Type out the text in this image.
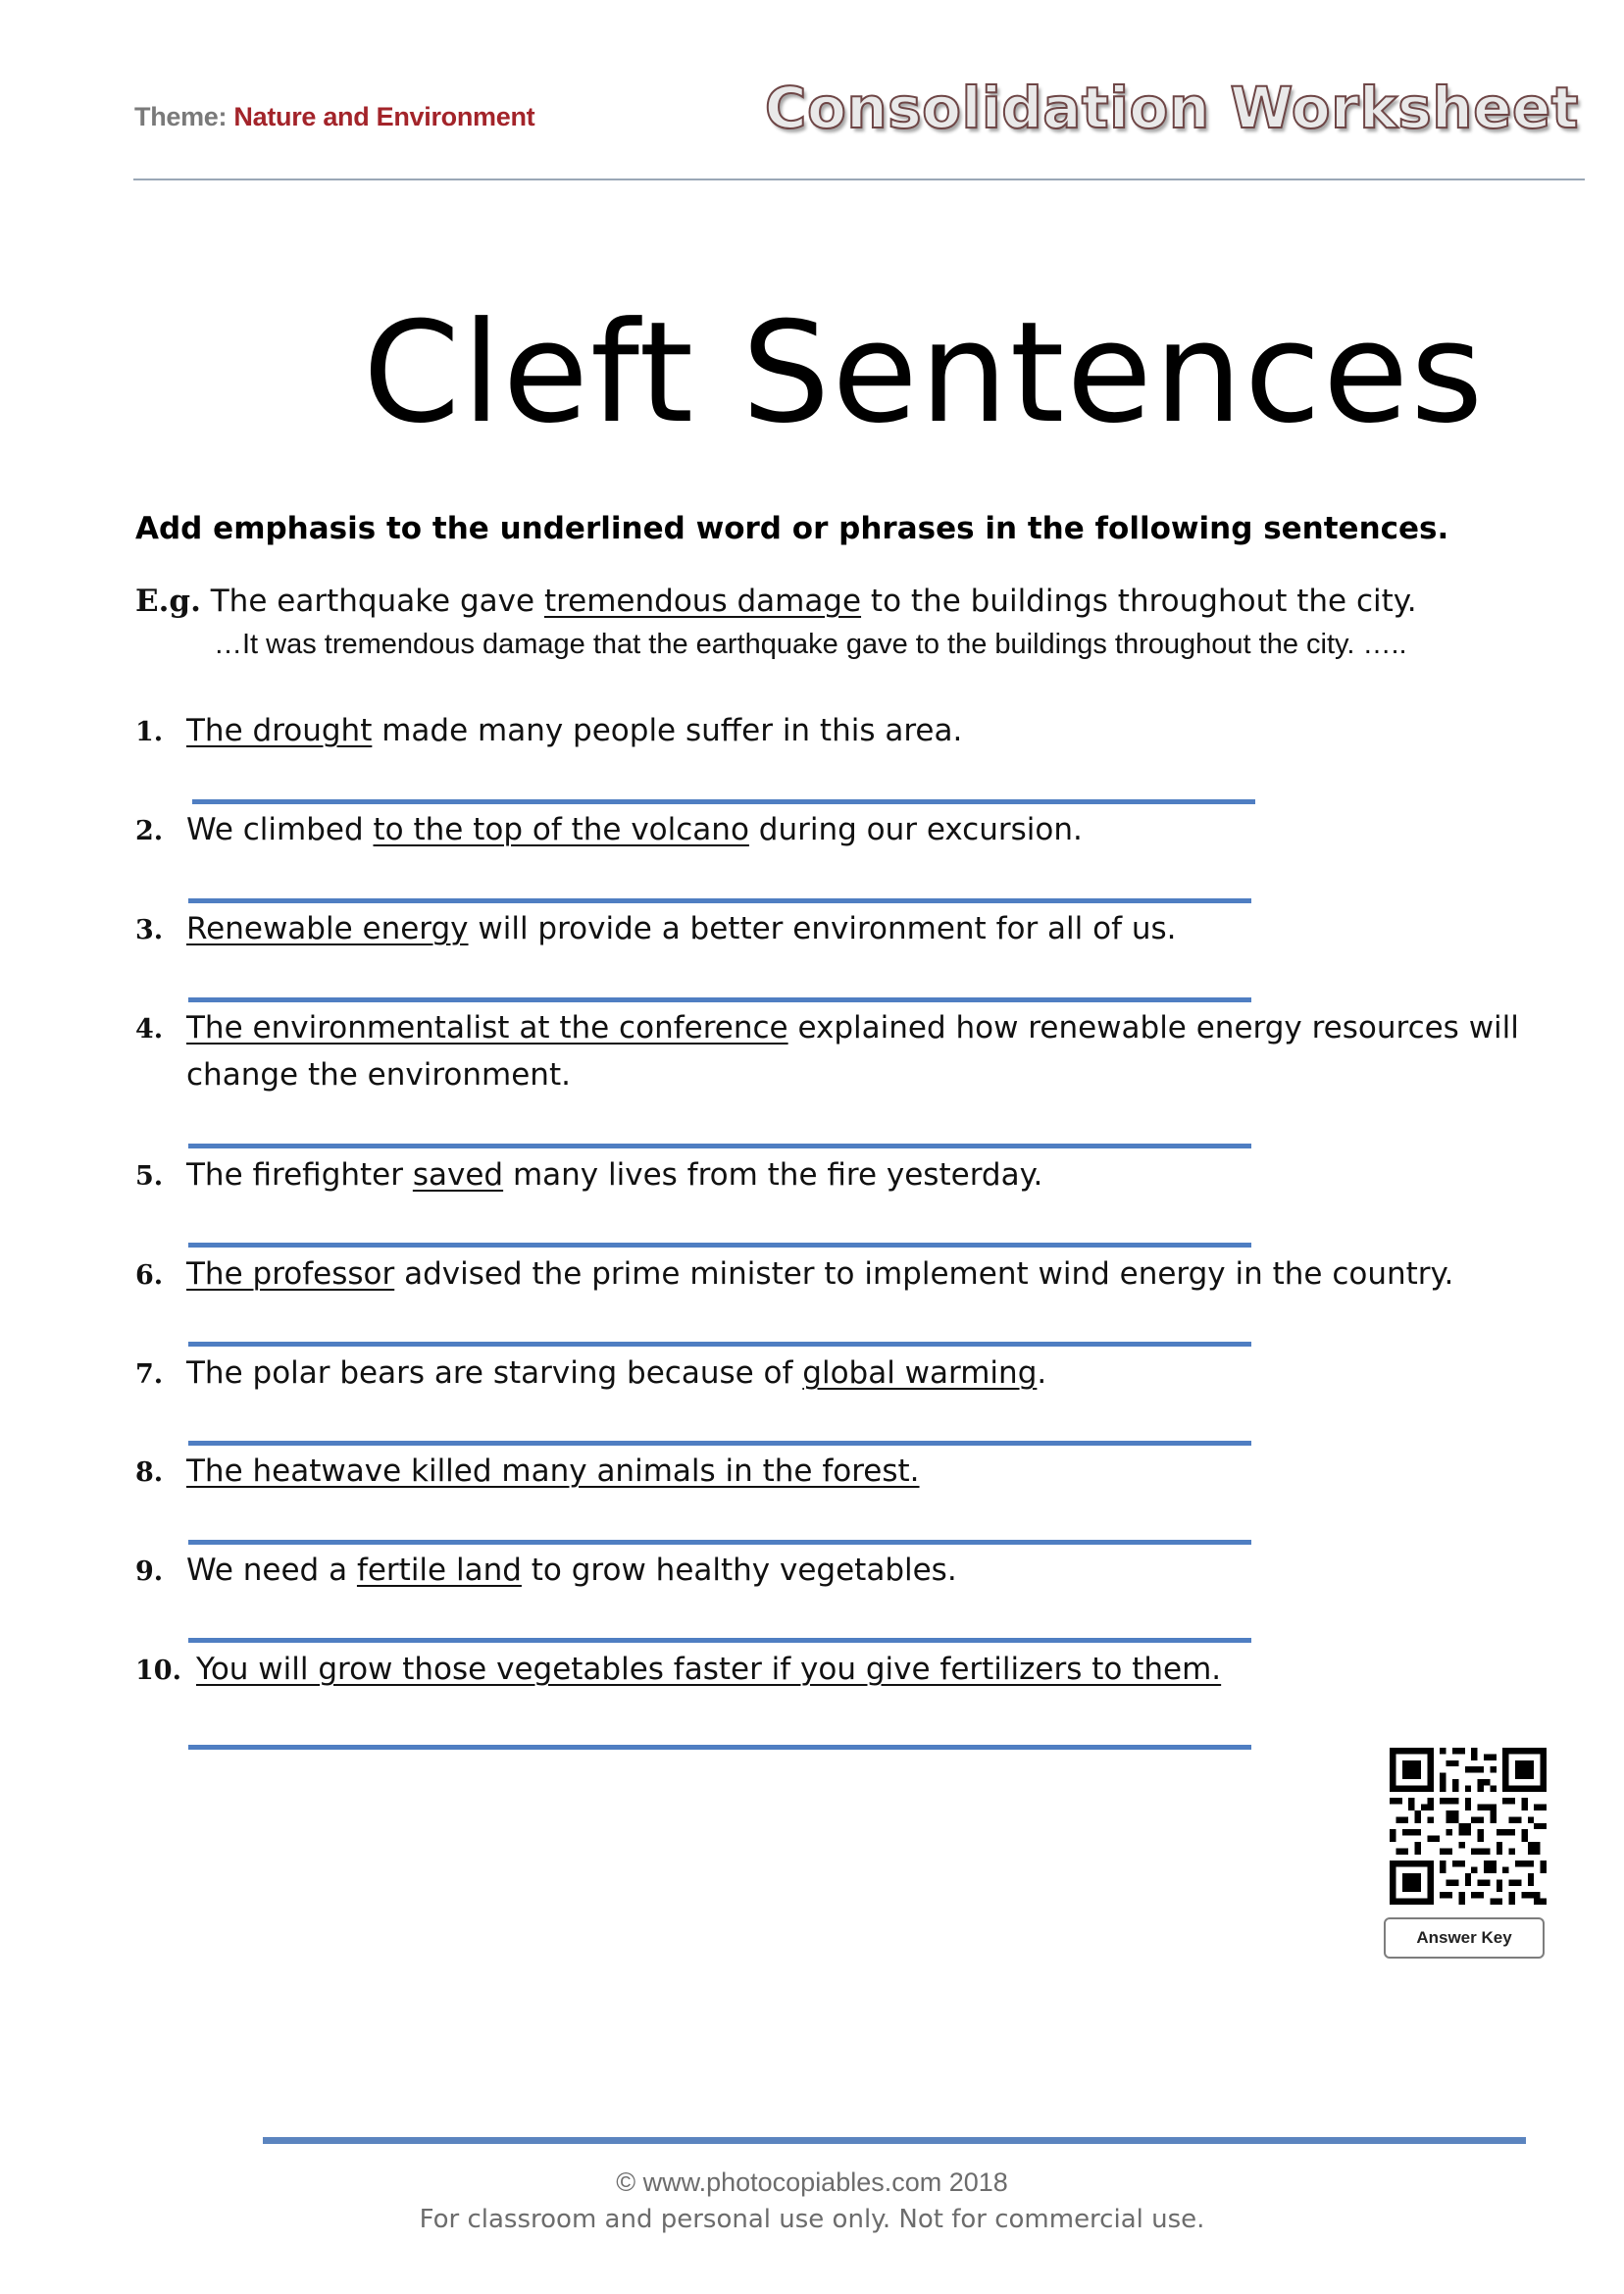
Theme: Nature and Environment	Consolidation Worksheet
Cleft Sentences
Add emphasis to the underlined word or phrases in the following sentences.
E.g. The earthquake gave tremendous damage to the buildings throughout the city.
…It was tremendous damage that the earthquake gave to the buildings throughout the city. …..
1. The drought made many people suffer in this area.
2. We climbed to the top of the volcano during our excursion.
3. Renewable energy will provide a better environment for all of us.
4. The environmentalist at the conference explained how renewable energy resources will
change the environment.
5. The firefighter saved many lives from the fire yesterday.
6. The professor advised the prime minister to implement wind energy in the country.
7. The polar bears are starving because of global warming.
8. The heatwave killed many animals in the forest.
9. We need a fertile land to grow healthy vegetables.
10. You will grow those vegetables faster if you give fertilizers to them.
Answer Key
© www.photocopiables.com 2018
For classroom and personal use only. Not for commercial use.
